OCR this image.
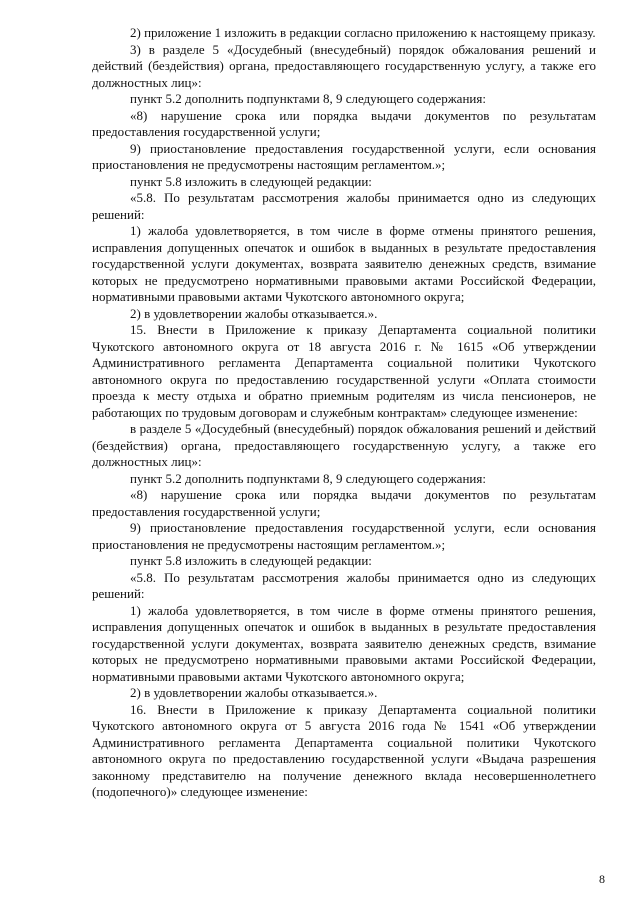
2) приложение 1 изложить в редакции согласно приложению к настоящему приказу.

3) в разделе 5 «Досудебный (внесудебный) порядок обжалования решений и действий (бездействия) органа, предоставляющего государственную услугу, а также его должностных лиц»:

пункт 5.2 дополнить подпунктами 8, 9 следующего содержания:

«8) нарушение срока или порядка выдачи документов по результатам предоставления государственной услуги;

9) приостановление предоставления государственной услуги, если основания приостановления не предусмотрены настоящим регламентом.»;

пункт 5.8 изложить в следующей редакции:

«5.8. По результатам рассмотрения жалобы принимается одно из следующих решений:

1) жалоба удовлетворяется, в том числе в форме отмены принятого решения, исправления допущенных опечаток и ошибок в выданных в результате предоставления государственной услуги документах, возврата заявителю денежных средств, взимание которых не предусмотрено нормативными правовыми актами Российской Федерации, нормативными правовыми актами Чукотского автономного округа;

2) в удовлетворении жалобы отказывается.».

15. Внести в Приложение к приказу Департамента социальной политики Чукотского автономного округа от 18 августа 2016 г. № 1615 «Об утверждении Административного регламента Департамента социальной политики Чукотского автономного округа по предоставлению государственной услуги «Оплата стоимости проезда к месту отдыха и обратно приемным родителям из числа пенсионеров, не работающих по трудовым договорам и служебным контрактам» следующее изменение:

в разделе 5 «Досудебный (внесудебный) порядок обжалования решений и действий (бездействия) органа, предоставляющего государственную услугу, а также его должностных лиц»:

пункт 5.2 дополнить подпунктами 8, 9 следующего содержания:

«8) нарушение срока или порядка выдачи документов по результатам предоставления государственной услуги;

9) приостановление предоставления государственной услуги, если основания приостановления не предусмотрены настоящим регламентом.»;

пункт 5.8 изложить в следующей редакции:

«5.8. По результатам рассмотрения жалобы принимается одно из следующих решений:

1) жалоба удовлетворяется, в том числе в форме отмены принятого решения, исправления допущенных опечаток и ошибок в выданных в результате предоставления государственной услуги документах, возврата заявителю денежных средств, взимание которых не предусмотрено нормативными правовыми актами Российской Федерации, нормативными правовыми актами Чукотского автономного округа;

2) в удовлетворении жалобы отказывается.».

16. Внести в Приложение к приказу Департамента социальной политики Чукотского автономного округа от 5 августа 2016 года № 1541 «Об утверждении Административного регламента Департамента социальной политики Чукотского автономного округа по предоставлению государственной услуги «Выдача разрешения законному представителю на получение денежного вклада несовершеннолетнего (подопечного)» следующее изменение:

8
